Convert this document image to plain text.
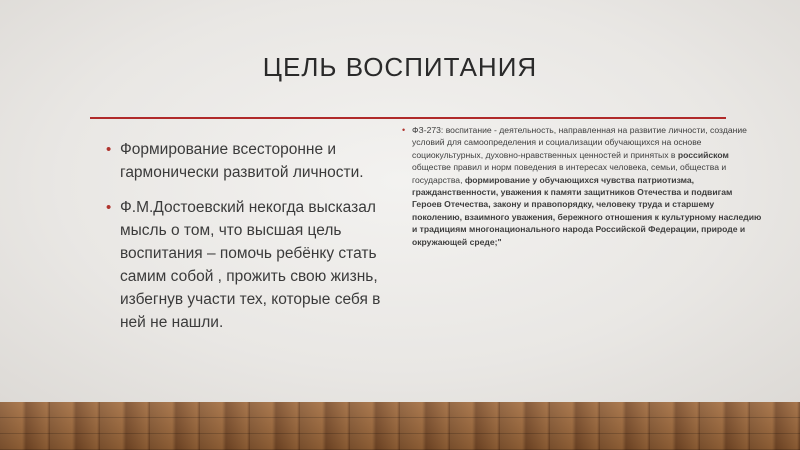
ЦЕЛЬ ВОСПИТАНИЯ
• Формирование всесторонне и гармонически развитой личности.
• Ф.М.Достоевский некогда высказал мысль о том, что высшая цель воспитания – помочь ребёнку стать самим собой , прожить свою жизнь, избегнув участи тех, которые себя в ней не нашли.
• ФЗ-273: воспитание - деятельность, направленная на развитие личности, создание условий для самоопределения и социализации обучающихся на основе социокультурных, духовно-нравственных ценностей и принятых в российском обществе правил и норм поведения в интересах человека, семьи, общества и государства, формирование у обучающихся чувства патриотизма, гражданственности, уважения к памяти защитников Отечества и подвигам Героев Отечества, закону и правопорядку, человеку труда и старшему поколению, взаимного уважения, бережного отношения к культурному наследию и традициям многонационального народа Российской Федерации, природе и окружающей среде;"
